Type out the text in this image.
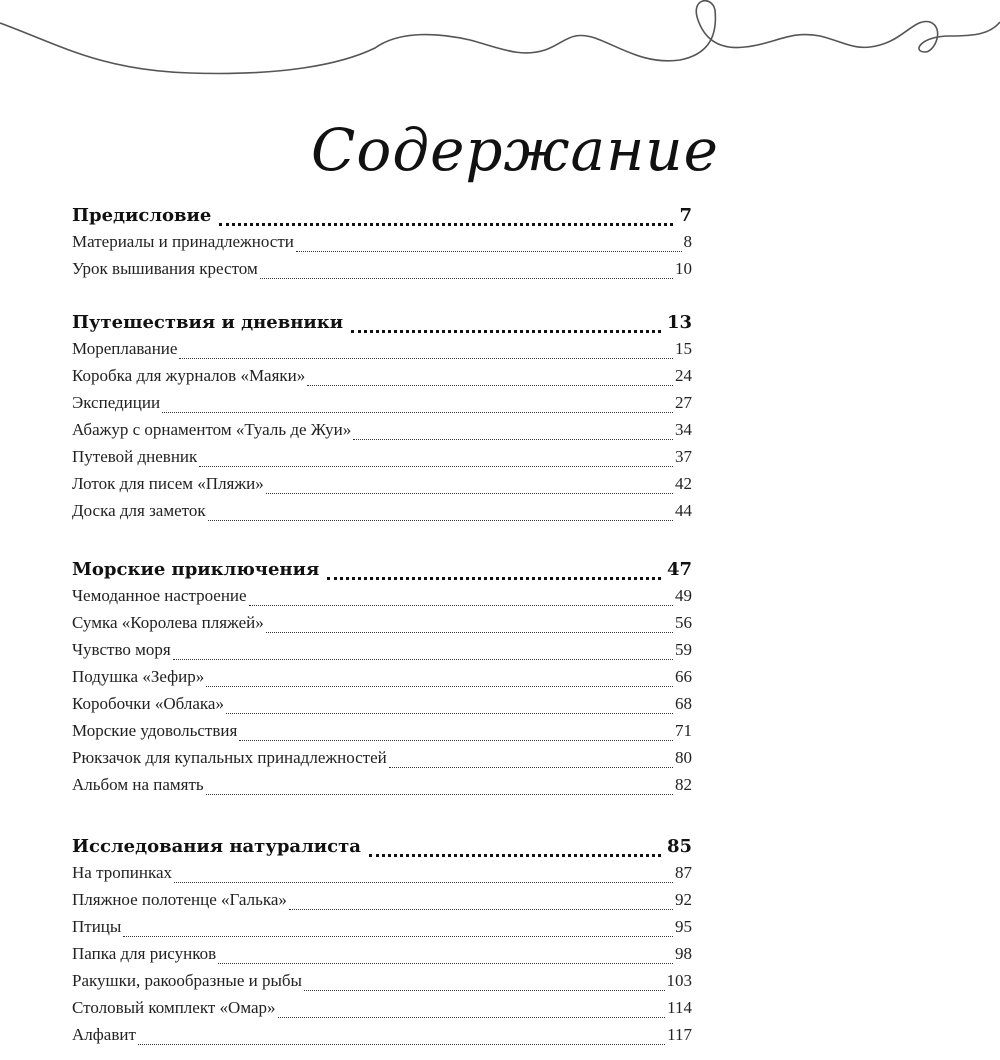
Содержание
Предисловие	7
Материалы и принадлежности	8
Урок вышивания крестом	10
Путешествия и дневники	13
Мореплавание	15
Коробка для журналов «Маяки»	24
Экспедиции	27
Абажур с орнаментом «Туаль де Жуи»	34
Путевой дневник	37
Лоток для писем «Пляжи»	42
Доска для заметок	44
Морские приключения	47
Чемоданное настроение	49
Сумка «Королева пляжей»	56
Чувство моря	59
Подушка «Зефир»	66
Коробочки «Облака»	68
Морские удовольствия	71
Рюкзачок для купальных принадлежностей	80
Альбом на память	82
Исследования натуралиста	85
На тропинках	87
Пляжное полотенце «Галька»	92
Птицы	95
Папка для рисунков	98
Ракушки, ракообразные и рыбы	103
Столовый комплект «Омар»	114
Алфавит	117
